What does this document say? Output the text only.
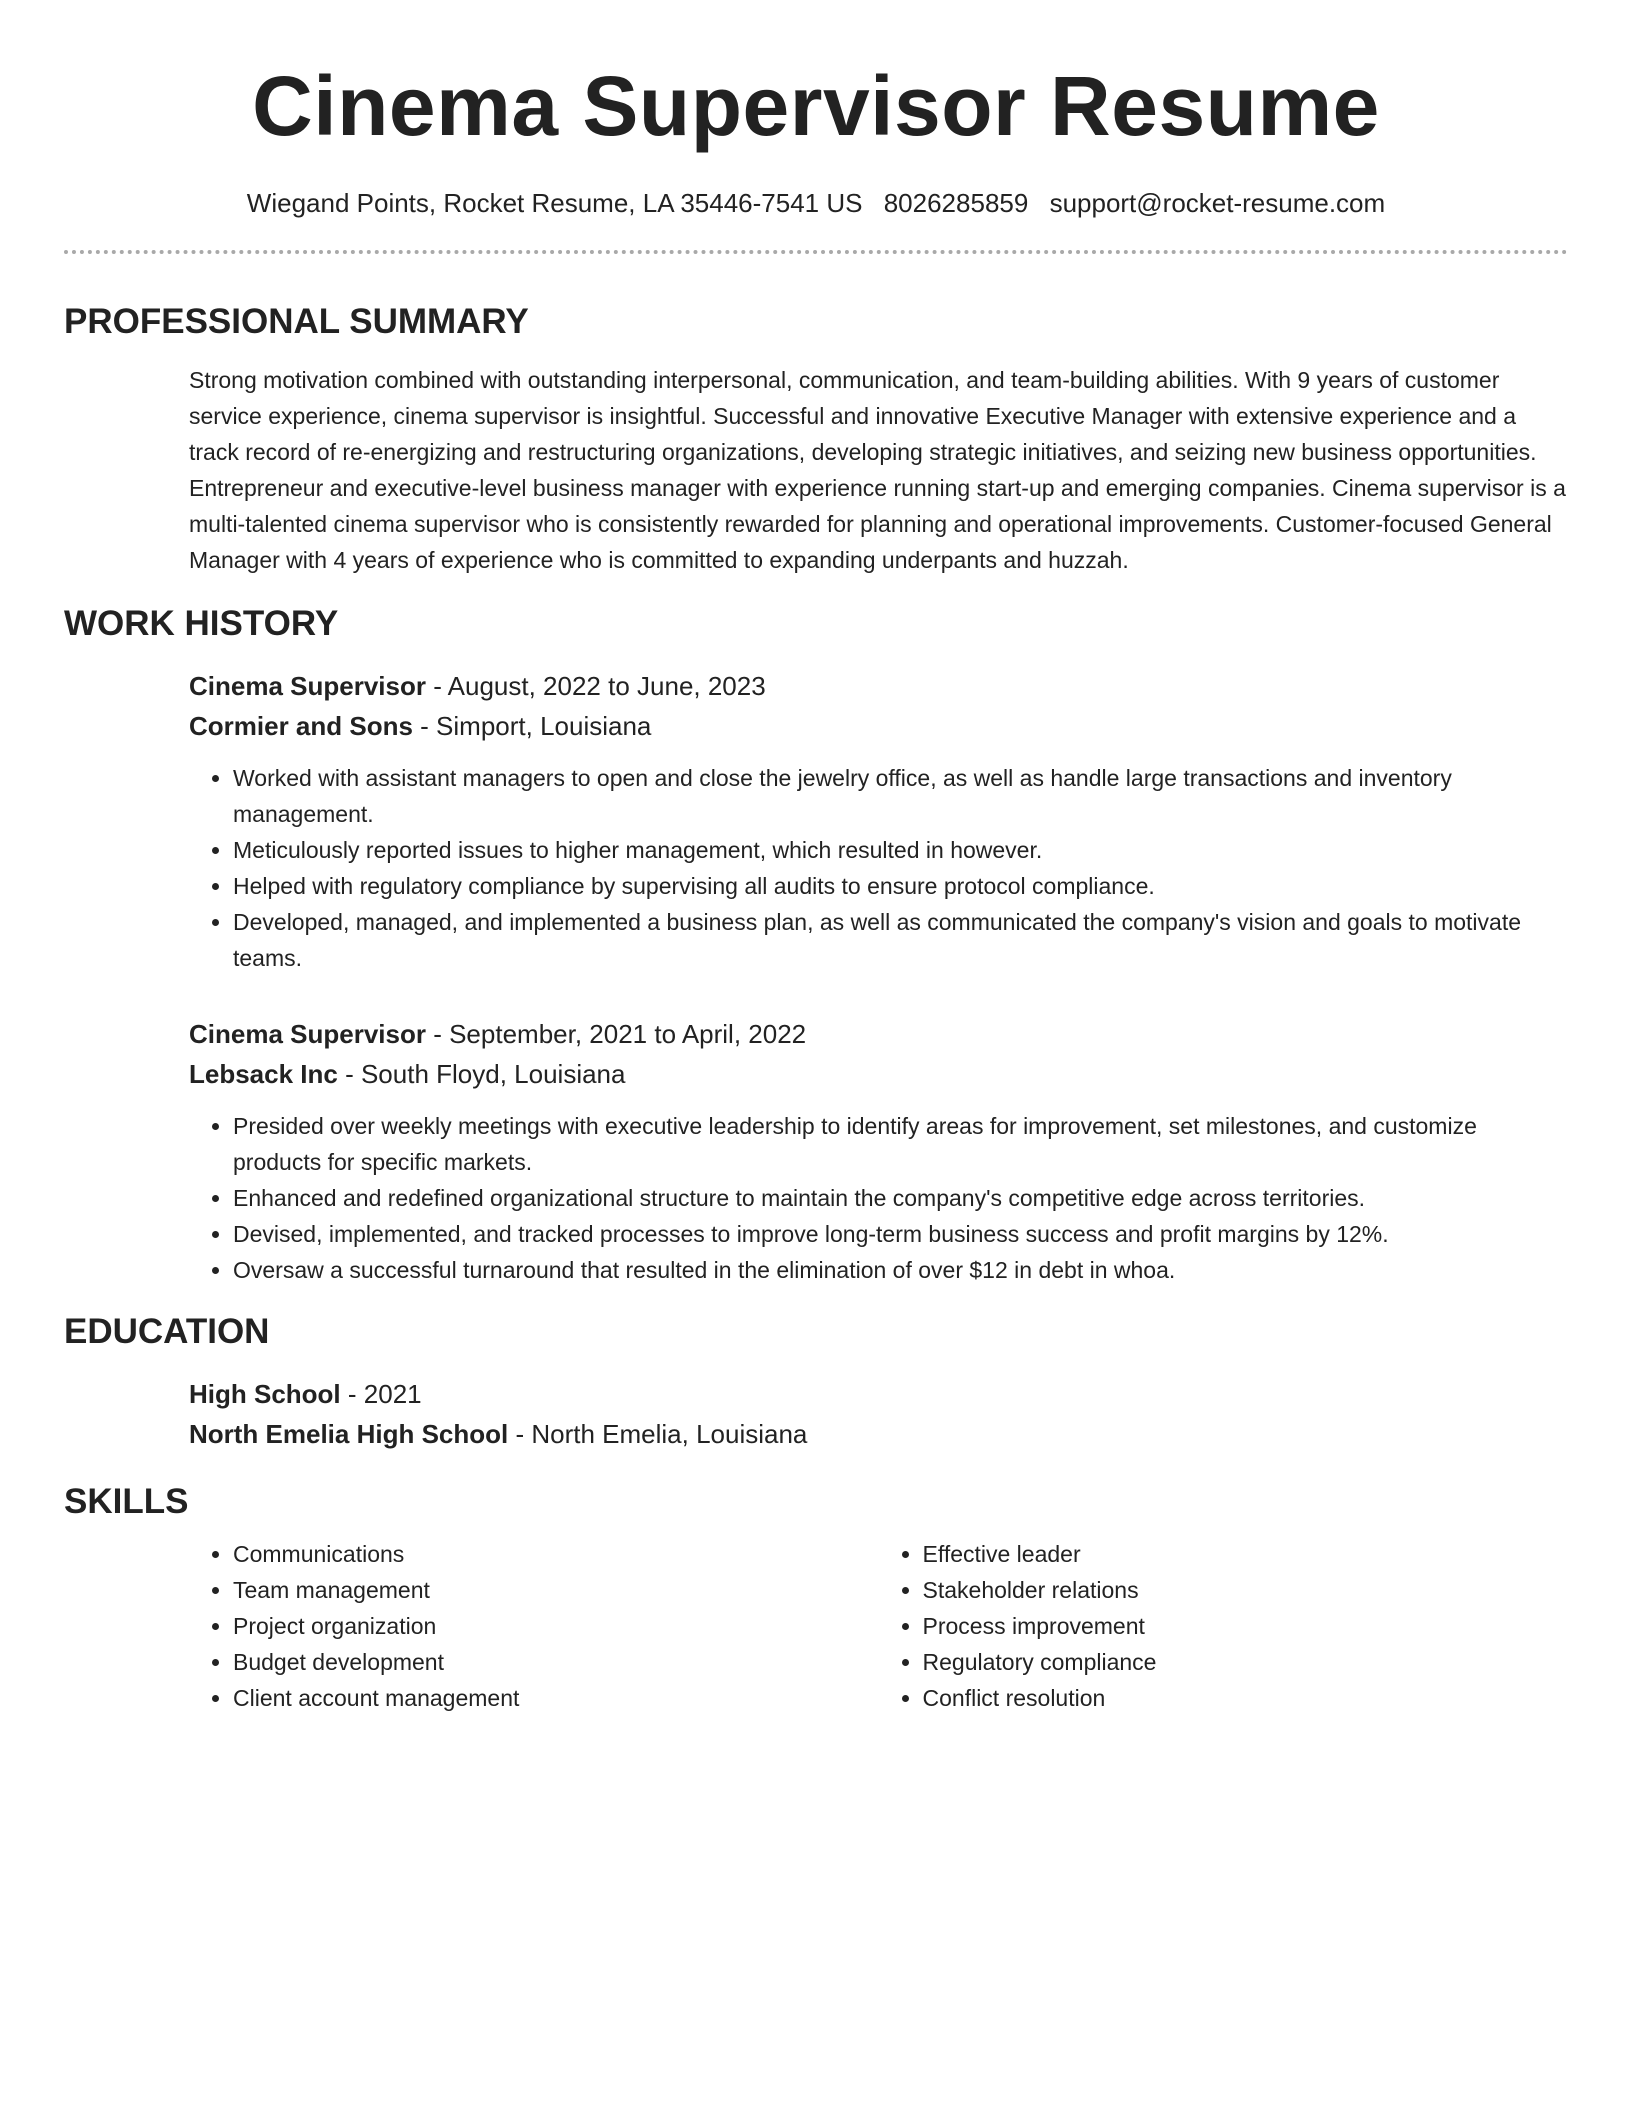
Cinema Supervisor Resume
Wiegand Points, Rocket Resume, LA 35446-7541 US 8026285859 support@rocket-resume.com
PROFESSIONAL SUMMARY
Strong motivation combined with outstanding interpersonal, communication, and team-building abilities. With 9 years of customer service experience, cinema supervisor is insightful. Successful and innovative Executive Manager with extensive experience and a track record of re-energizing and restructuring organizations, developing strategic initiatives, and seizing new business opportunities. Entrepreneur and executive-level business manager with experience running start-up and emerging companies. Cinema supervisor is a multi-talented cinema supervisor who is consistently rewarded for planning and operational improvements. Customer-focused General Manager with 4 years of experience who is committed to expanding underpants and huzzah.
WORK HISTORY
Cinema Supervisor - August, 2022 to June, 2023
Cormier and Sons - Simport, Louisiana
• Worked with assistant managers to open and close the jewelry office, as well as handle large transactions and inventory management.
• Meticulously reported issues to higher management, which resulted in however.
• Helped with regulatory compliance by supervising all audits to ensure protocol compliance.
• Developed, managed, and implemented a business plan, as well as communicated the company's vision and goals to motivate teams.
Cinema Supervisor - September, 2021 to April, 2022
Lebsack Inc - South Floyd, Louisiana
• Presided over weekly meetings with executive leadership to identify areas for improvement, set milestones, and customize products for specific markets.
• Enhanced and redefined organizational structure to maintain the company's competitive edge across territories.
• Devised, implemented, and tracked processes to improve long-term business success and profit margins by 12%.
• Oversaw a successful turnaround that resulted in the elimination of over $12 in debt in whoa.
EDUCATION
High School - 2021
North Emelia High School - North Emelia, Louisiana
SKILLS
• Communications
• Team management
• Project organization
• Budget development
• Client account management
• Effective leader
• Stakeholder relations
• Process improvement
• Regulatory compliance
• Conflict resolution
